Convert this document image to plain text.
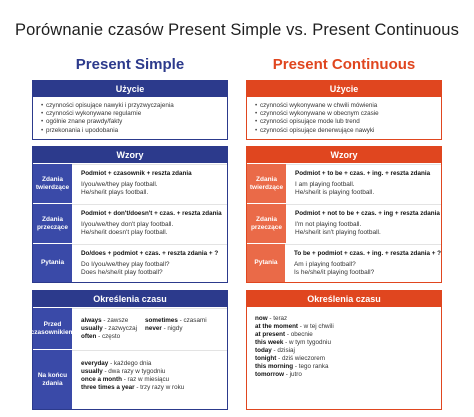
Porównanie czasów Present Simple vs. Present Continuous
Present Simple
Użycie
• czynności opisujące nawyki i przyzwyczajenia
• czynności wykonywane regularnie
• ogólnie znane prawdy/fakty
• przekonania i upodobania
Wzory
Zdania twierdzące
Podmiot + czasownik + reszta zdania
I/you/we/they play football.
He/she/it plays football.
Zdania przeczące
Podmiot + don't/doesn't + czas. + reszta zdania
I/you/we/they don't play football.
He/she/it doesn't play football.
Pytania
Do/does + podmiot + czas. + reszta zdania + ?
Do I/you/we/they play football?
Does he/she/it play football?
Określenia czasu
Przed czasownikiem
always - zawsze
usually - zazwyczaj
often - często
sometimes - czasami
never - nigdy
Na końcu zdania
everyday - każdego dnia
usually - dwa razy w tygodniu
once a month - raz w miesiącu
three times a year - trzy razy w roku
Present Continuous
Użycie
• czynności wykonywane w chwili mówienia
• czynności wykonywane w obecnym czasie
• czynności opisujące mode lub trend
• czynności opisujące denerwujące nawyki
Wzory
Zdania twierdzące
Podmiot + to be + czas. + ing. + reszta zdania
I am playing football.
He/she/it is playing football.
Zdania przeczące
Podmiot + not to be + czas. + ing + reszta zdania
I'm not playing football.
He/she/it isn't playing football.
Pytania
To be + podmiot + czas. + ing. + reszta zdania + ?
Am i playing football?
Is he/she/it playing football?
Określenia czasu
now - teraz
at the moment - w tej chwili
at present - obecnie
this week - w tym tygodniu
today - dzisiaj
tonight - dziś wieczorem
this morning - tego ranka
tomorrow - jutro
